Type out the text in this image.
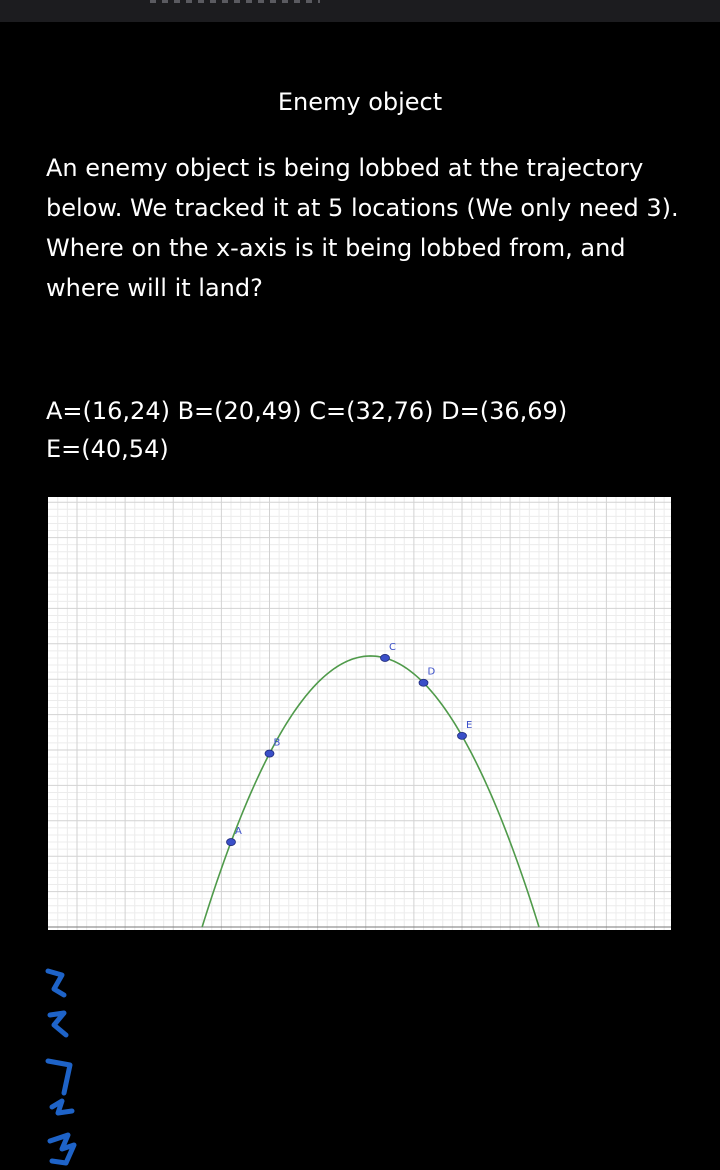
Enemy object

An enemy object is being lobbed at the trajectory below. We tracked it at 5 locations (We only need 3). Where on the x-axis is it being lobbed from, and where will it land?

A=(16,24) B=(20,49) C=(32,76) D=(36,69)
E=(40,54)
A
B
C
D
E
